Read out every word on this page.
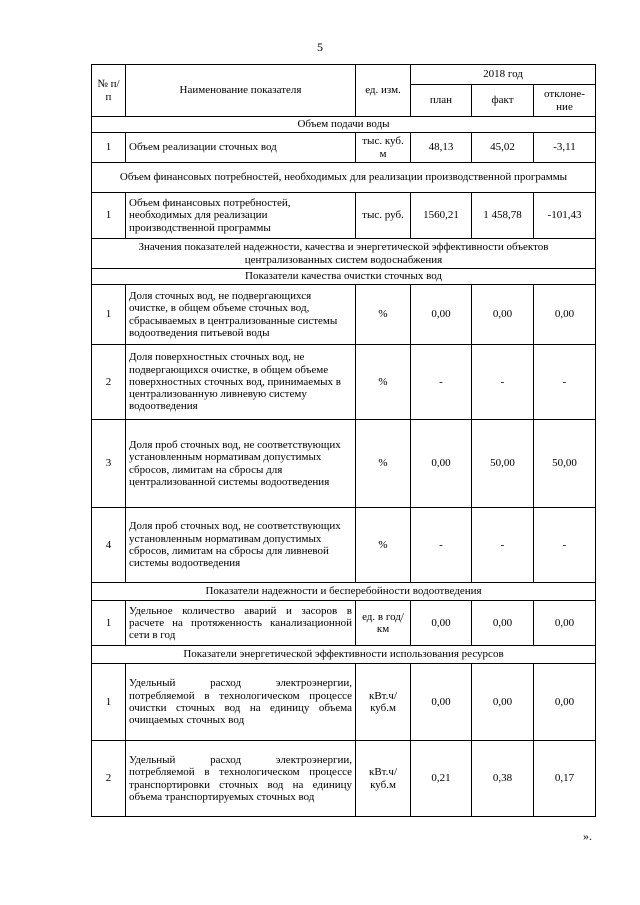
5
№ п/п	Наименование показателя	ед. изм.	2018 год		
			план	факт	отклоне-ние
Объем подачи воды					
1	Объем реализации сточных вод	тыс. куб. м	48,13	45,02	-3,11
Объем финансовых потребностей, необходимых для реализации производственной программы					
1	Объем финансовых потребностей, необходимых для реализации производственной программы	тыс. руб.	1560,21	1 458,78	-101,43
Значения показателей надежности, качества и энергетической эффективности объектов централизованных систем водоснабжения					
Показатели качества очистки сточных вод					
1	Доля сточных вод, не подвергающихся очистке, в общем объеме сточных вод, сбрасываемых в централизованные системы водоотведения питьевой воды	%	0,00	0,00	0,00
2	Доля поверхностных сточных вод, не подвергающихся очистке, в общем объеме поверхностных сточных вод, принимаемых в централизованную ливневую систему водоотведения	%	-	-	-
3	Доля проб сточных вод, не соответствующих установленным нормативам допустимых сбросов, лимитам на сбросы для централизованной системы водоотведения	%	0,00	50,00	50,00
4	Доля проб сточных вод, не соответствующих установленным нормативам допустимых сбросов, лимитам на сбросы для ливневой системы водоотведения	%	-	-	-
Показатели надежности и бесперебойности водоотведения					
1	Удельное количество аварий и засоров в расчете на протяженность канализационной сети в год	ед. в год/ км	0,00	0,00	0,00
Показатели энергетической эффективности использования ресурсов					
1	Удельный расход электроэнергии, потребляемой в технологическом процессе очистки сточных вод на единицу объема очищаемых сточных вод	кВт.ч/ куб.м	0,00	0,00	0,00
2	Удельный расход электроэнергии, потребляемой в технологическом процессе транспортировки сточных вод на единицу объема транспортируемых сточных вод	кВт.ч/ куб.м	0,21	0,38	0,17
».
